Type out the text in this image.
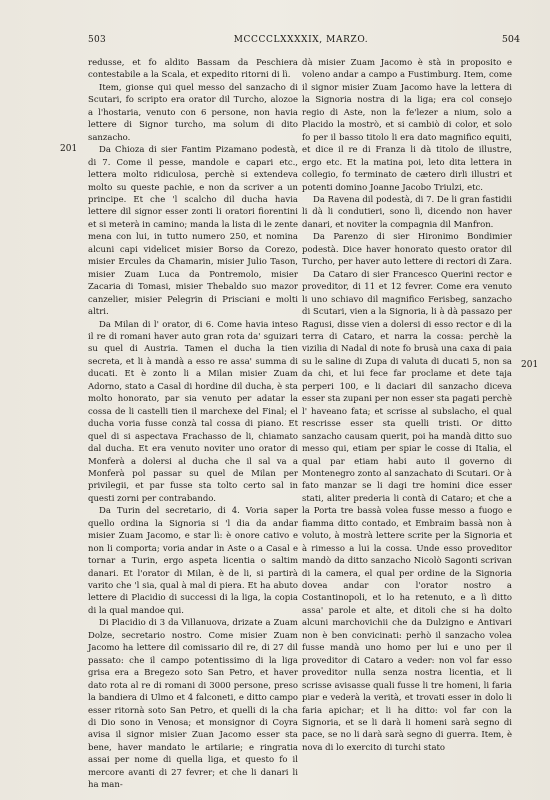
503	MCCCCLXXXXIX, MARZO.	504
201
201

redusse, et fo aldito Bassam da Peschiera contestabile a la Scala, et expedito ritorni di lì.

Item, gionse qui quel messo del sanzacho di Scutari, fo scripto era orator dil Turcho, alozoe a l'hostaria, venuto con 6 persone, non havia lettere di Signor turcho, ma solum di dito sanzacho.

Da Chioza di sier Fantim Pizamano podestà, di 7. Come il pesse, mandole e capari etc., lettera molto ridiculosa, perchè si extendeva molto su queste pachie, e non da scriver a un principe. Et che 'l scalcho dil ducha havia lettere dil signor esser zonti li oratori fiorentini et si meterà in camino; manda la lista di le zente mena con lui, in tutto numero 250, et nomina alcuni capi videlicet misier Borso da Corezo, misier Ercules da Chamarin, misier Julio Tason, misier Zuam Luca da Pontremolo, misier Zacaria di Tomasi, misier Thebaldo suo mazor canzelier, misier Pelegrin di Prisciani e molti altri.

Da Milan di l' orator, di 6. Come havia inteso il re di romani haver auto gran rota da' sguizari su quel di Austria. Tamen el ducha la tien secreta, et li à mandà a esso re assa' summa di ducati. Et è zonto li a Milan misier Zuam Adorno, stato a Casal di hordine dil ducha, è sta molto honorato, par sia venuto per adatar la cossa de li castelli tien il marchexe del Final; el ducha voria fusse conzà tal cossa di piano. Et quel di si aspectava Frachasso de li, chiamato dal ducha. Et era venuto noviter uno orator di Monferà a dolersi al ducha che il sal va a Monferà pol passar su quel de Milan per privilegii, et par fusse sta tolto certo sal in questi zorni per contrabando.

Da Turin del secretario, di 4. Voria saper quello ordina la Signoria si 'l dia da andar misier Zuam Jacomo, e star lì: è onore cativo e non li comporta; voria andar in Aste o a Casal e tornar a Turin, ergo aspeta licentia o saltim danari. Et l'orator di Milan, è de li, si partirà varito che 'l sia, qual à mal di piera. Et ha abuto lettere di Placidio di successi di la liga, la copia di la qual mandoe qui.

Di Placidio di 3 da Villanuova, drizate a Zuam Dolze, secretario nostro. Come misier Zuam Jacomo ha lettere dil comissario dil re, di 27 dil passato: che il campo potentissimo di la liga grisa era a Bregezo soto San Petro, et haver dato rota al re di romani di 3000 persone, preso la bandiera di Ulmo et 4 falconeti, e ditto campo esser ritornà soto San Petro, et quelli di la cha di Dio sono in Venosa; et monsignor di Coyra avisa il signor misier Zuan Jacomo esser sta bene, haver mandato le artilarie; e ringratia assai per nome di quella liga, et questo fo il mercore avanti di 27 fevrer; et che li danari li ha man-

dà misier Zuam Jacomo è stà in proposito e voleno andar a campo a Fustimburg. Item, come il signor misier Zuam Jacomo have la lettera di la Signoria nostra di la liga; era col consejo regio di Aste, non la fe'lezer a nium, solo a Placido la mostrò, et si cambiò di color, et solo fo per il basso titolo li era dato magnifico equiti, et dice il re di Franza li dà titolo de illustre, ergo etc. Et la matina poi, leto dita lettera in collegio, fo terminato de cætero dirli illustri et potenti domino Joanne Jacobo Triulzi, etc.

Da Ravena dil podestà, di 7. De li gran fastidii li dà li condutieri, sono lì, dicendo non haver danari, et noviter la compagnia dil Manfron.

Da Parenzo di sier Hironimo Bondimier podestà. Dice haver honorato questo orator dil Turcho, per haver auto lettere di rectori di Zara.

Da Cataro di sier Francesco Querini rector e proveditor, di 11 et 12 fevrer. Come era venuto li uno schiavo dil magnifico Ferisbeg, sanzacho di Scutari, vien a la Signoria, li à dà passazo per Ragusi, disse vien a dolersi di esso rector e di la terra di Cataro, et narra la cossa: perchè la vizilia di Nadal di note fo brusà una caxa di paia su le saline di Zupa di valuta di ducati 5, non sa da chi, et lui fece far proclame et dete taja perperi 100, e li daciari dil sanzacho diceva esser sta zupani per non esser sta pagati perchè l' haveano fata; et scrisse al subslacho, el qual rescrisse esser sta quelli tristi. Or ditto sanzacho causam querit, poi ha mandà ditto suo messo qui, etiam per spiar le cosse di Italia, el qual par etiam habi auto il governo di Montenegro zonto al sanzachato di Scutari. Or à fato manzar se li dagi tre homini dice esser stati, aliter prederia li contà di Cataro; et che a la Porta tre bassà volea fusse messo a fuogo e fiamma ditto contado, et Embraim bassà non à voluto, à mostrà lettere scrite per la Signoria et à rimesso a lui la cossa. Unde esso proveditor mandò da ditto sanzacho Nicolò Sagonti scrivan di la camera, el qual per ordine de la Signoria dovea andar con l'orator nostro a Costantinopoli, et lo ha retenuto, e a lì ditto assa' parole et alte, et ditoli che si ha dolto alcuni marchovichii che da Dulzigno e Antivari non è ben convicinati: perhò il sanzacho volea fusse mandà uno homo per lui e uno per il proveditor di Cataro a veder: non vol far esso proveditor nulla senza nostra licentia, et li scrisse avisasse quali fusse li tre homeni, li faria piar e vederà la verità, et trovati esser in dolo li faria apichar; et li ha ditto: vol far con la Signoria, et se li darà li homeni sarà segno di pace, se no li darà sarà segno di guerra. Item, è nova di lo exercito di turchi stato
